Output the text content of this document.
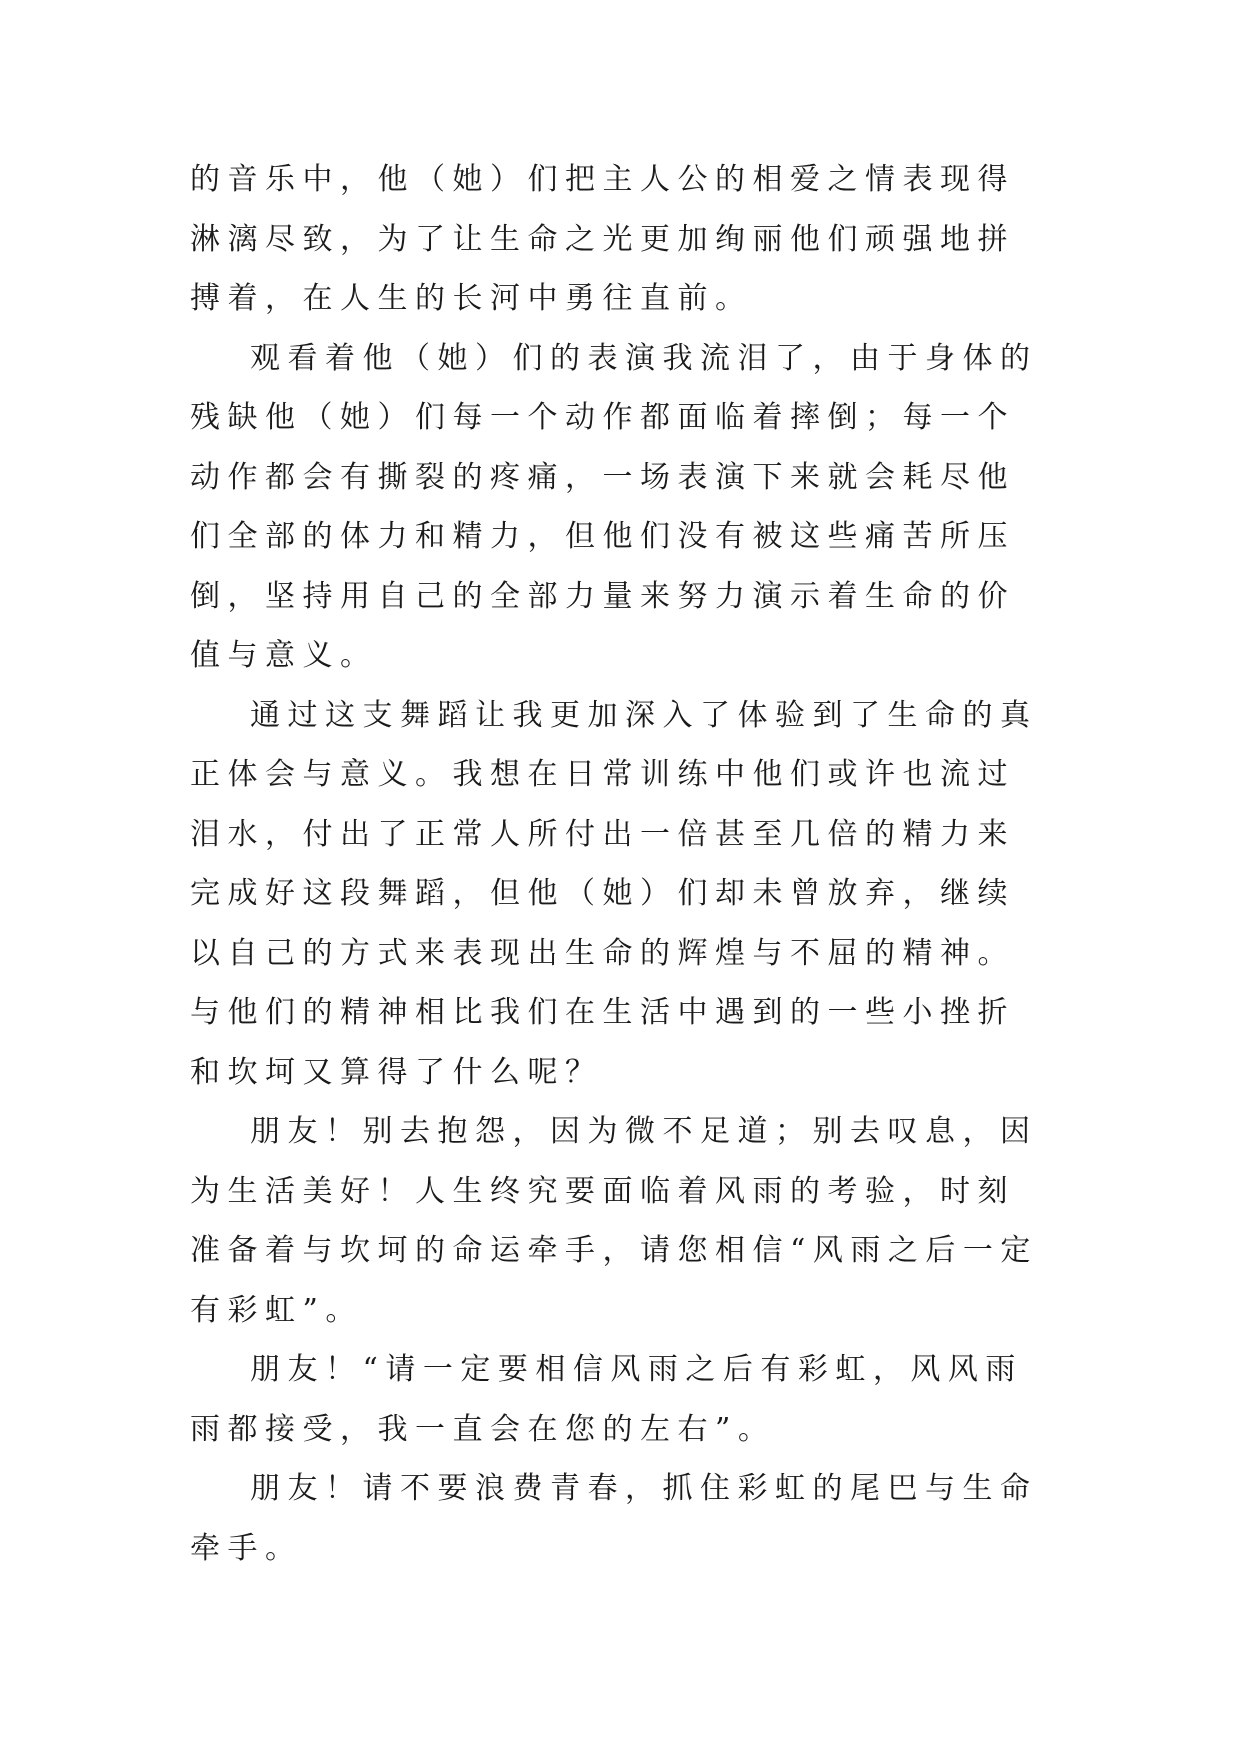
的音乐中，他（她）们把主人公的相爱之情表现得淋漓尽致，为了让生命之光更加绚丽他们顽强地拼搏着，在人生的长河中勇往直前。

观看着他（她）们的表演我流泪了，由于身体的残缺他（她）们每一个动作都面临着摔倒；每一个动作都会有撕裂的疼痛，一场表演下来就会耗尽他们全部的体力和精力，但他们没有被这些痛苦所压倒，坚持用自己的全部力量来努力演示着生命的价值与意义。

通过这支舞蹈让我更加深入了体验到了生命的真正体会与意义。我想在日常训练中他们或许也流过泪水，付出了正常人所付出一倍甚至几倍的精力来完成好这段舞蹈，但他（她）们却未曾放弃，继续以自己的方式来表现出生命的辉煌与不屈的精神。与他们的精神相比我们在生活中遇到的一些小挫折和坎坷又算得了什么呢？

朋友！别去抱怨，因为微不足道；别去叹息，因为生活美好！人生终究要面临着风雨的考验，时刻准备着与坎坷的命运牵手，请您相信“风雨之后一定有彩虹”。

朋友！“请一定要相信风雨之后有彩虹，风风雨雨都接受，我一直会在您的左右”。

朋友！请不要浪费青春，抓住彩虹的尾巴与生命牵手。
